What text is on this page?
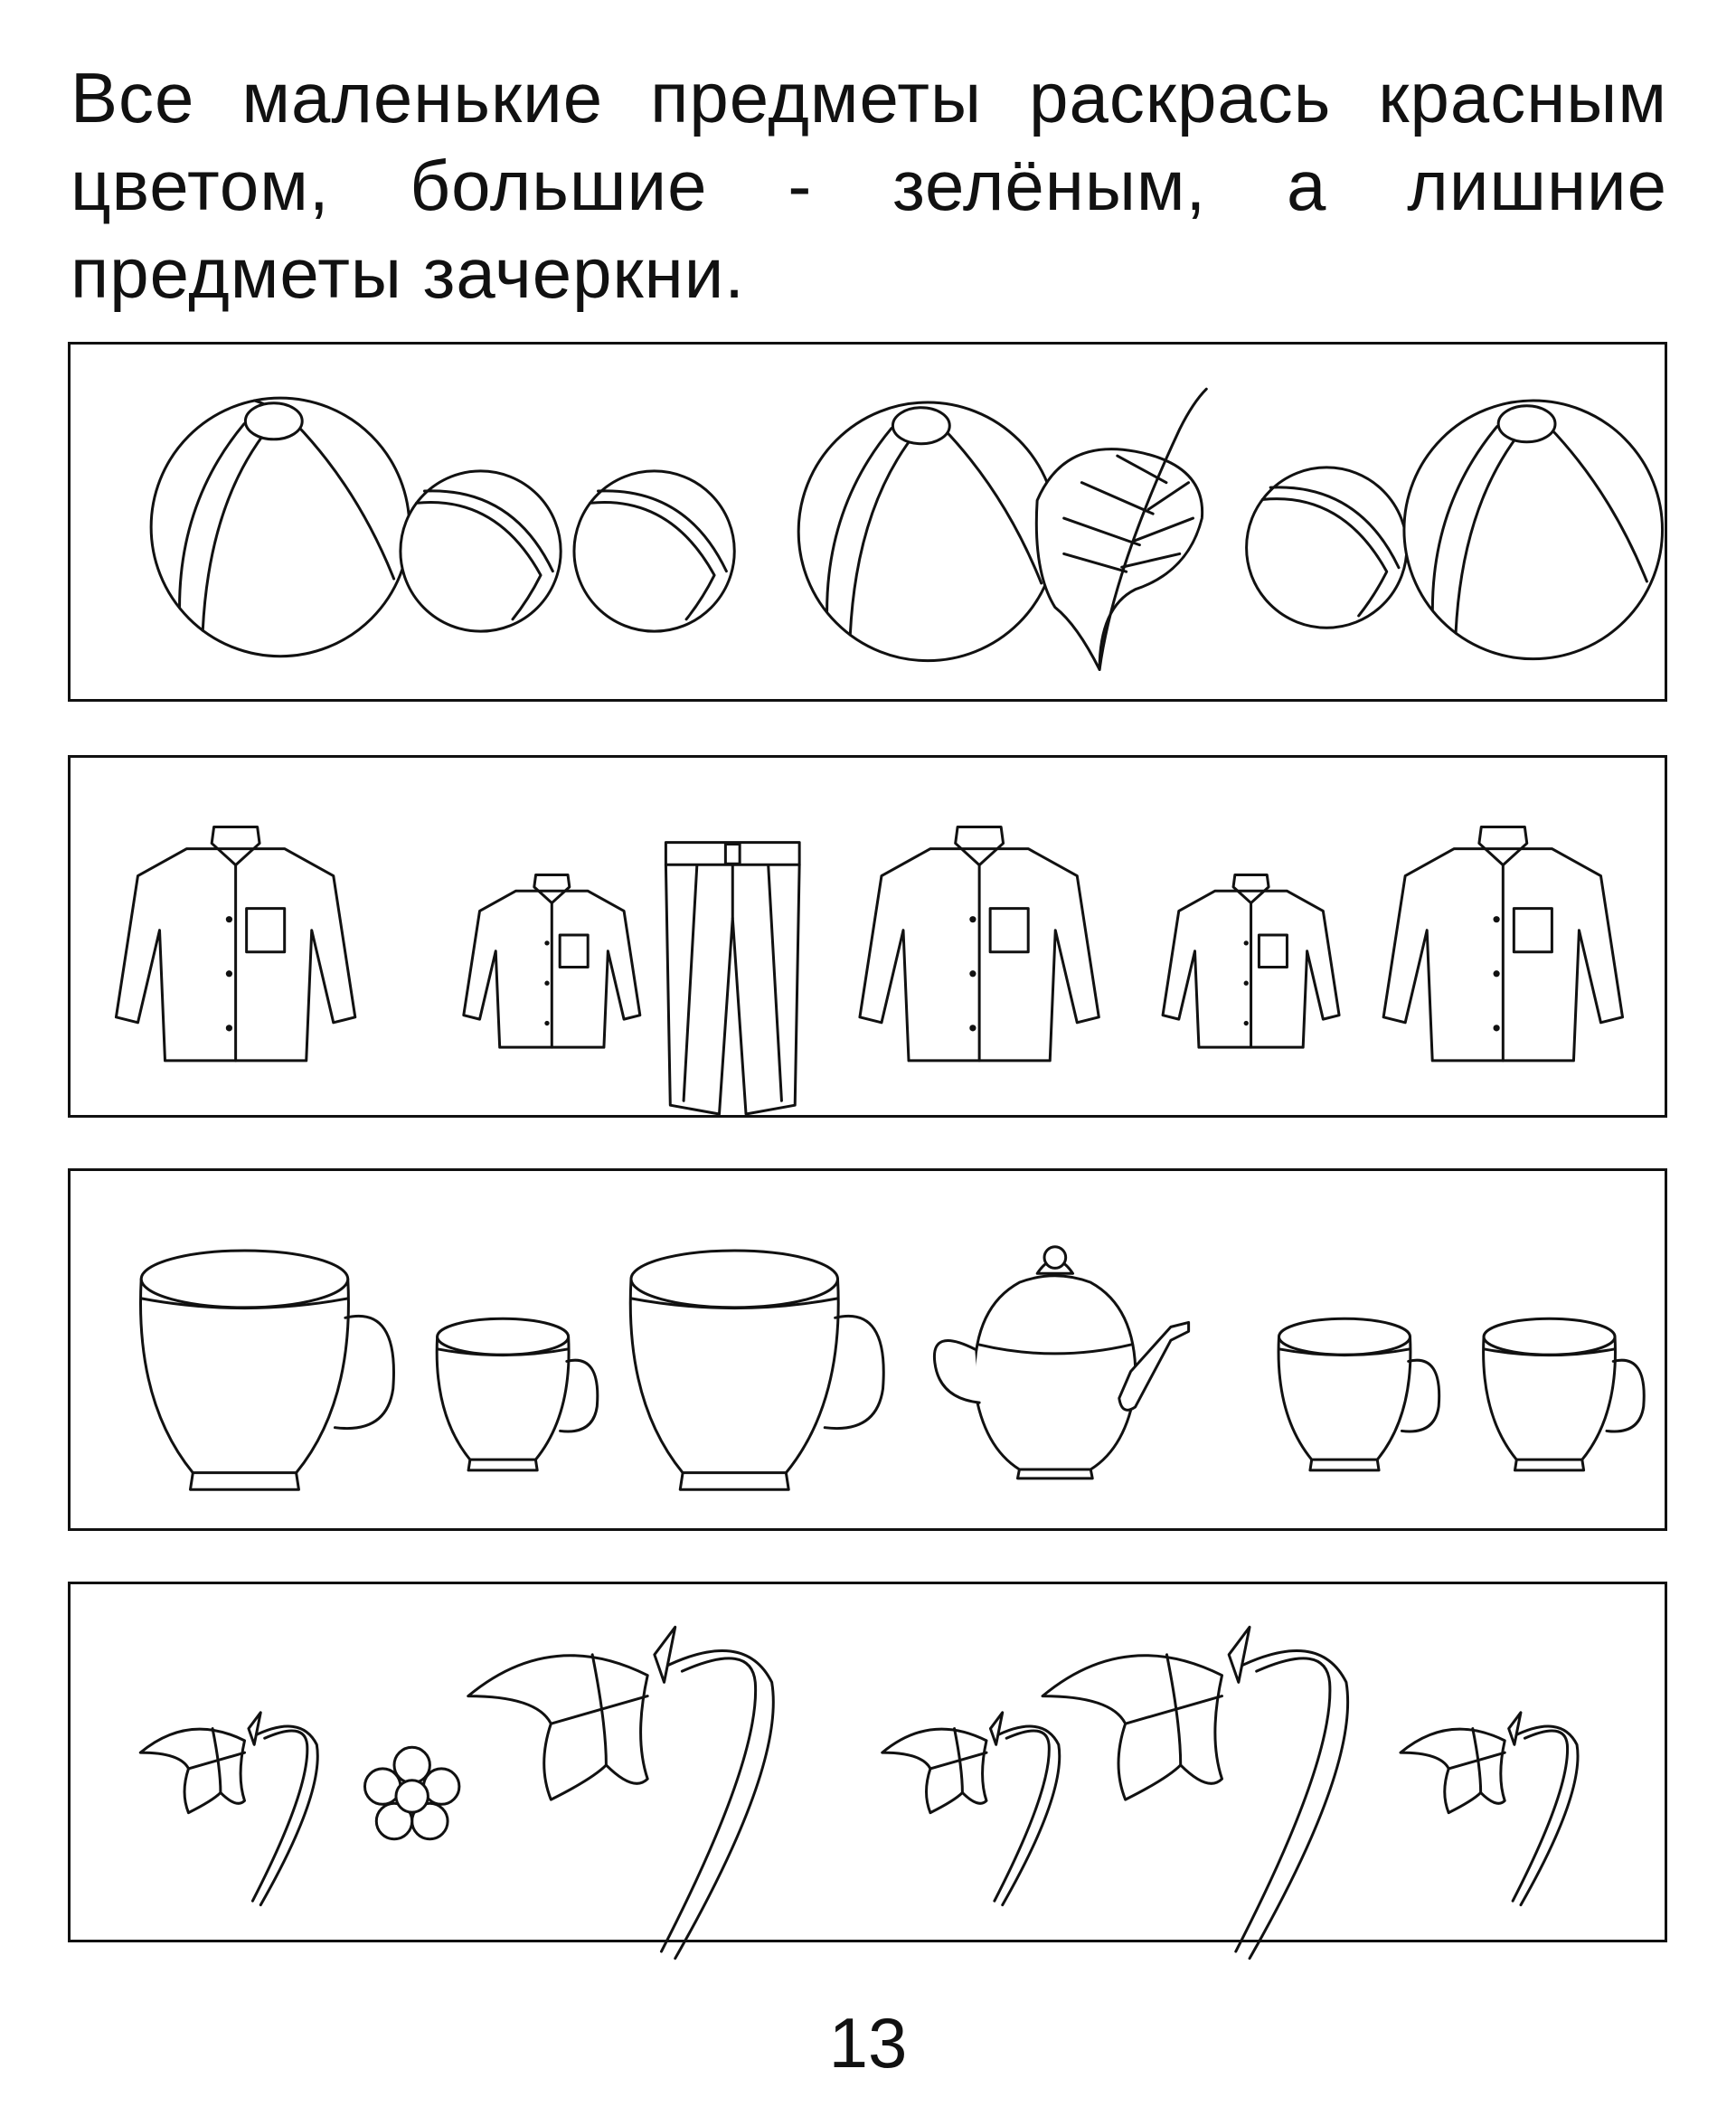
Все маленькие предметы раскрась красным
цветом, большие - зелёным, а лишние
предметы зачеркни.

13
